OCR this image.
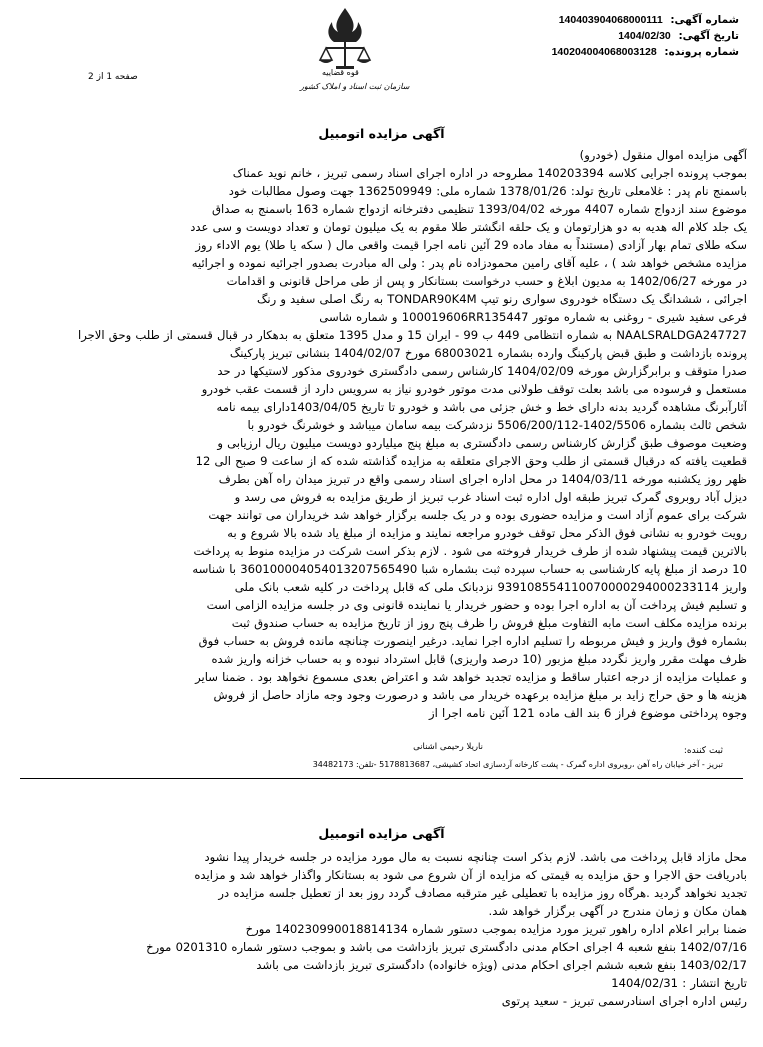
شماره آگهی: 140403904068000111
تاریخ آگهی: 1404/02/30
شماره پرونده: 140204004068003128
قوه قضاییه
سازمان ثبت اسناد و املاک کشور
صفحه 1 از 2
آگهی مزایده اتومبیل
آگهی مزایده اموال منقول (خودرو)
بموجب پرونده اجرایی کلاسه 140203394 مطروحه در اداره اجرای اسناد رسمی تبریز ، خانم نوید عمناک
باسمنج نام پدر : غلامعلی تاریخ تولد: 1378/01/26 شماره ملی: 1362509949 جهت وصول مطالبات خود
موضوع سند ازدواج شماره 4407 مورخه 1393/04/02 تنظیمی دفترخانه ازدواج شماره 163 باسمنج به صداق
یک جلد کلام اله هدیه به دو هزارتومان و یک حلقه انگشتر طلا مقوم به یک میلیون تومان و تعداد دویست و سی عدد
سکه طلای تمام بهار آزادی (مستنداً به مفاد ماده 29 آئین نامه اجرا قیمت واقعی مال ( سکه یا طلا) یوم الاداء روز
مزایده مشخص خواهد شد ) ، علیه آقای رامین محمودزاده نام پدر : ولی اله مبادرت بصدور اجرائیه نموده و اجرائیه
در مورخه 1402/06/27 به مدیون ابلاغ و حسب درخواست بستانکار و پس از طی مراحل قانونی و اقدامات
اجرائی ، ششدانگ یک دستگاه خودروی سواری رنو تیپ TONDAR90K4M به رنگ اصلی سفید و رنگ
فرعی سفید شیری - روغنی به شماره موتور 100019606RR135447 و شماره شاسی
NAALSRALDGA247727 به شماره انتظامی 449 ب 99 - ایران 15 و مدل 1395 متعلق به بدهکار در قبال قسمتی از طلب وحق الاجرا
پرونده بازداشت و طبق قبض پارکینگ وارده بشماره 68003021 مورخ 1404/02/07 بنشانی تبریز پارکینگ
صدرا متوقف و برابرگزارش مورخه 1404/02/09 کارشناس رسمی دادگستری خودروی مذکور لاستیکها در حد
مستعمل و فرسوده می باشد بعلت توقف طولانی مدت موتور خودرو نیاز به سرویس دارد از قسمت عقب خودرو
آثارآبرنگ مشاهده گردید بدنه دارای خط و خش جزئی می باشد و خودرو تا تاریخ 1403/04/05دارای بیمه نامه
شخص ثالث بشماره 1402/5506-5506/200/112 نزدشرکت بیمه سامان میباشد و خوشرنگ خودرو با
وضعیت موصوف طبق گزارش کارشناس رسمی دادگستری به مبلغ پنج میلیاردو دویست میلیون ریال ارزیابی و
قطعیت یافته که درقبال قسمتی از طلب وحق الاجرای متعلقه به مزایده گذاشته شده که از ساعت 9 صبح الی 12
ظهر روز یکشنبه مورخه 1404/03/11 در محل اداره اجرای اسناد رسمی واقع در تبریز میدان راه آهن بطرف
دیزل آباد روبروی گمرک تبریز طبقه اول اداره ثبت اسناد غرب تبریز از طریق مزایده به فروش می رسد و
شرکت برای عموم آزاد است و مزایده حضوری بوده و در یک جلسه برگزار خواهد شد خریداران می توانند جهت
رویت خودرو به نشانی فوق الذکر محل توقف خودرو مراجعه نمایند و مزایده از مبلغ یاد شده بالا شروع و به
بالاترین قیمت پیشنهاد شده از طرف خریدار فروخته می شود . لازم بذکر است شرکت در مزایده منوط به پرداخت
10 درصد از مبلغ پایه کارشناسی به حساب سپرده ثبت بشماره شبا 360100004054013207565490 با شناسه
واریز 939108554110070000294000233114 نزدبانک ملی که قابل پرداخت در کلیه شعب بانک ملی
و تسلیم فیش پرداخت آن به اداره اجرا بوده و حضور خریدار یا نماینده قانونی وی در جلسه مزایده الزامی است
برنده مزایده مکلف است مابه التفاوت مبلغ فروش را ظرف پنج روز از تاریخ مزایده به حساب صندوق ثبت
بشماره فوق واریز و فیش مربوطه را تسلیم اداره اجرا نماید. درغیر اینصورت چنانچه مانده فروش به حساب فوق
ظرف مهلت مقرر واریز نگردد مبلغ مزبور (10 درصد واریزی) قابل استرداد نبوده و به حساب خزانه واریز شده
و عملیات مزایده از درجه اعتبار ساقط و مزایده تجدید خواهد شد و اعتراض بعدی مسموع نخواهد بود . ضمنا سایر
هزینه ها و حق حراج زاید بر مبلغ مزایده برعهده خریدار می باشد و درصورت وجود وجه مازاد حاصل از فروش
وجوه پرداختی موضوع فراز 6 بند الف ماده 121 آئین نامه اجرا از
ثبت کننده:
ناریلا رحیمی اشنانی
تبریز - آخر خیابان راه آهن ،روبروی اداره گمرک - پشت کارخانه آردسازی اتحاد کشیشی، 5178813687 -تلفن: 34482173
آگهی مزایده اتومبیل
محل مازاد قابل پرداخت می باشد. لازم بذکر است چنانچه نسبت به مال مورد مزایده در جلسه خریدار پیدا نشود
بادریافت حق الاجرا و حق مزایده به قیمتی که مزایده از آن شروع می شود به بستانکار واگذار خواهد شد و مزایده
تجدید نخواهد گردید .هرگاه روز مزایده با تعطیلی غیر مترقبه مصادف گردد روز بعد از تعطیل جلسه مزایده در
همان مکان و زمان مندرج در آگهی برگزار خواهد شد.
ضمنا برابر اعلام اداره راهور تبریز مورد مزایده بموجب دستور شماره 140230990018814134 مورخ
1402/07/16 بنفع شعبه 4 اجرای احکام مدنی دادگستری تبریز بازداشت می باشد و بموجب دستور شماره 0201310 مورخ
1403/02/17 بنفع شعبه ششم اجرای احکام مدنی (ویژه خانواده) دادگستری تبریز بازداشت می باشد
تاریخ انتشار : 1404/02/31
رئیس اداره اجرای اسنادرسمی تبریز - سعید پرتوی
